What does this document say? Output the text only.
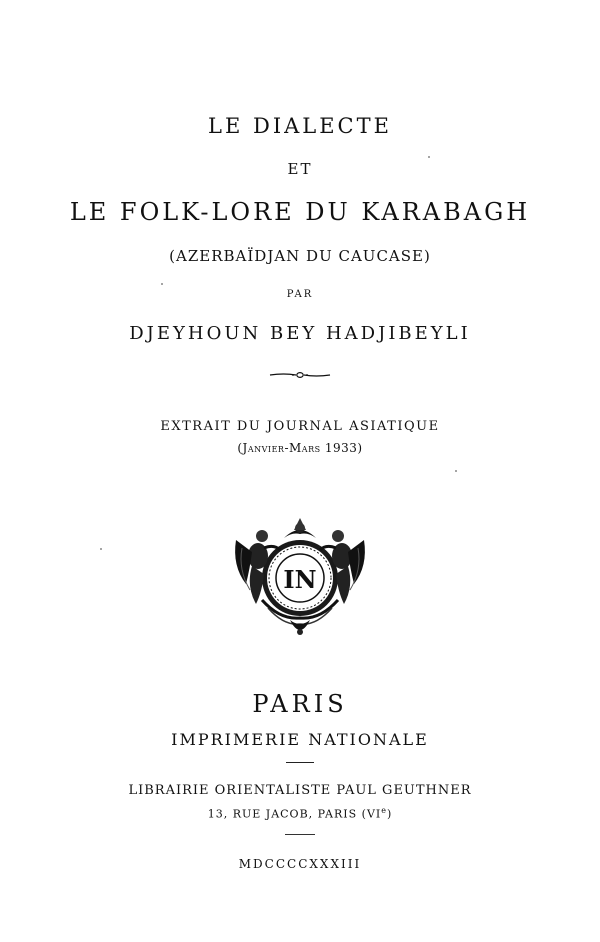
LE DIALECTE
ET
LE FOLK-LORE DU KARABAGH
(AZERBAÏDJAN DU CAUCASE)
PAR
DJEYHOUN BEY HADJIBEYLI
EXTRAIT DU JOURNAL ASIATIQUE
(Janvier-Mars 1933)
IN
PARIS
IMPRIMERIE NATIONALE
LIBRAIRIE ORIENTALISTE PAUL GEUTHNER
13, RUE JACOB, PARIS (VIe)
MDCCCCXXXIII
